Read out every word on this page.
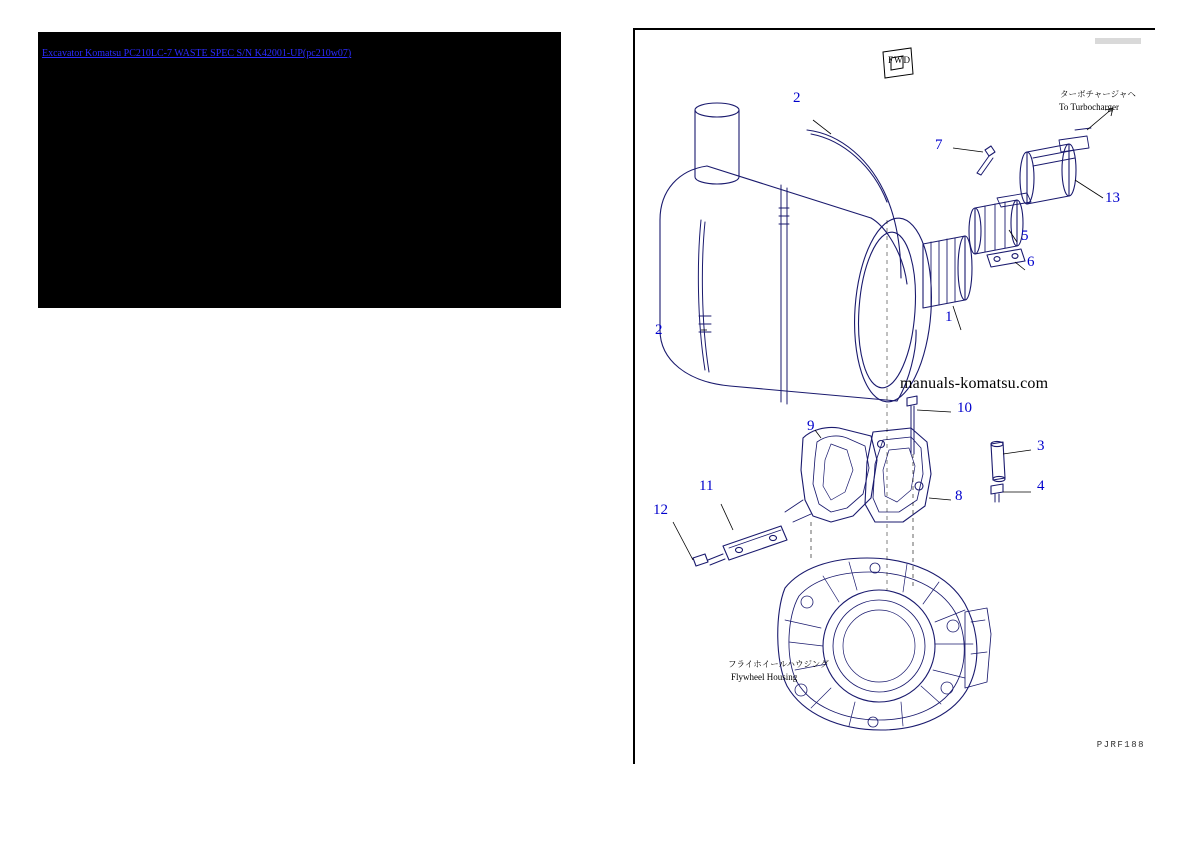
Excavator Komatsu PC210LC-7 WASTE SPEC S/N K42001-UP(pc210w07)
FWD
ターボチャージャヘ
To Turbocharger
フライホイールハウジング
Flywheel Housing
manuals-komatsu.com
PJRF188
1
2
2
3
4
5
6
7
8
9
10
11
12
13
